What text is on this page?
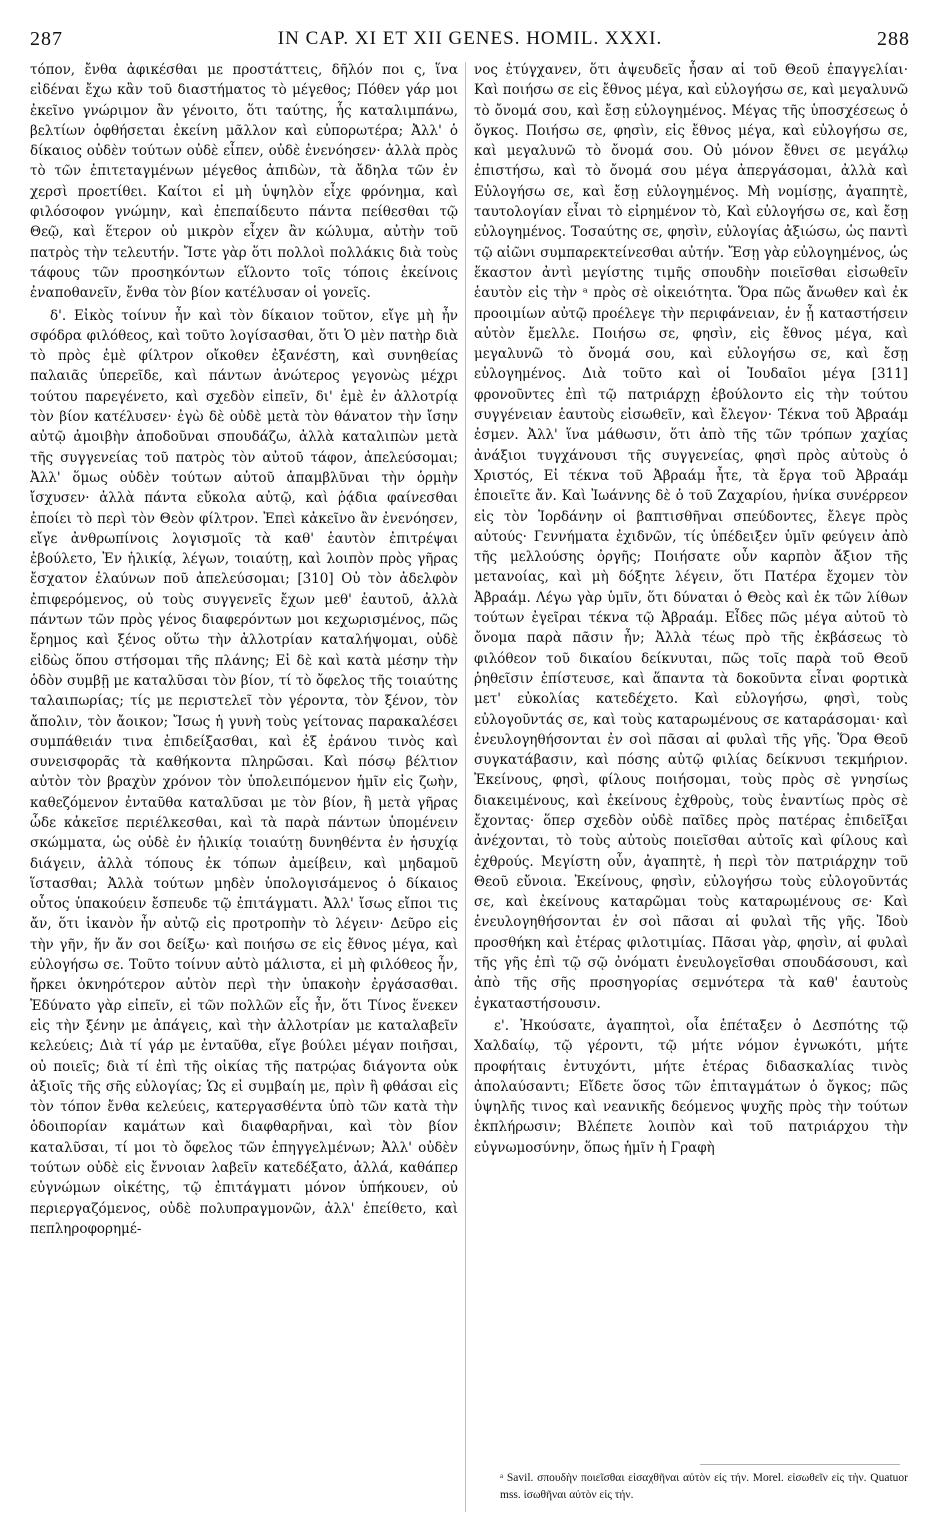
287	IN CAP. XI ET XII GENES. HOMIL. XXXI.	288

τόπον, ἔνθα ἀφικέσθαι με προστάττεις, δῆλόν ποι ς, ἵνα εἰδέναι ἔχω κἂν τοῦ διαστήματος τὸ μέγεθος; Πόθεν γάρ μοι ἐκεῖνο γνώριμον ἂν γένοιτο, ὅτι ταύτης, ἧς καταλιμπάνω, βελτίων ὀφθήσεται ἐκείνη μᾶλλον καὶ εὐπορωτέρα; Ἀλλ' ὁ δίκαιος οὐδὲν τούτων οὐδὲ εἶπεν, οὐδὲ ἐνενόησεν· ἀλλὰ πρὸς τὸ τῶν ἐπιτεταγμένων μέγεθος ἀπιδὼν, τὰ ἄδηλα τῶν ἐν χερσὶ προετίθει. Καίτοι εἰ μὴ ὑψηλὸν εἶχε φρόνημα, καὶ φιλόσοφον γνώμην, καὶ ἐπεπαίδευτο πάντα πείθεσθαι τῷ Θεῷ, καὶ ἕτερον οὐ μικρὸν εἶχεν ἂν κώλυμα, αὐτὴν τοῦ πατρὸς τὴν τελευτήν. Ἴστε γὰρ ὅτι πολλοὶ πολλάκις διὰ τοὺς τάφους τῶν προσηκόντων εἵλοντο τοῖς τόποις ἐκείνοις ἐναποθανεῖν, ἔνθα τὸν βίον κατέλυσαν οἱ γονεῖς.

δ'. Εἰκὸς τοίνυν ἦν καὶ τὸν δίκαιον τοῦτον, εἴγε μὴ ἦν σφόδρα φιλόθεος, καὶ τοῦτο λογίσασθαι, ὅτι Ὁ μὲν πατὴρ διὰ τὸ πρὸς ἐμὲ φίλτρον οἴκοθεν ἐξανέστη, καὶ συνηθείας παλαιᾶς ὑπερεῖδε, καὶ πάντων ἀνώτερος γεγονὼς μέχρι τούτου παρεγένετο, καὶ σχεδὸν εἰπεῖν, δι' ἐμὲ ἐν ἀλλοτρίᾳ τὸν βίον κατέλυσεν· ἐγὼ δὲ οὐδὲ μετὰ τὸν θάνατον τὴν ἴσην αὐτῷ ἀμοιβὴν ἀποδοῦναι σπουδάζω, ἀλλὰ καταλιπὼν μετὰ τῆς συγγενείας τοῦ πατρὸς τὸν αὐτοῦ τάφον, ἀπελεύσομαι; Ἀλλ' ὅμως οὐδὲν τούτων αὐτοῦ ἀπαμβλῦναι τὴν ὁρμὴν ἴσχυσεν· ἀλλὰ πάντα εὔκολα αὐτῷ, καὶ ῥᾴδια φαίνεσθαι ἐποίει τὸ περὶ τὸν Θεὸν φίλτρον. Ἐπεὶ κἀκεῖνο ἂν ἐνενόησεν, εἴγε ἀνθρωπίνοις λογισμοῖς τὰ καθ' ἑαυτὸν ἐπιτρέψαι ἐβούλετο, Ἐν ἡλικίᾳ, λέγων, τοιαύτῃ, καὶ λοιπὸν πρὸς γῆρας ἔσχατον ἐλαύνων ποῦ ἀπελεύσομαι; [310] Οὐ τὸν ἀδελφὸν ἐπιφερόμενος, οὐ τοὺς συγγενεῖς ἔχων μεθ' ἑαυτοῦ, ἀλλὰ πάντων τῶν πρὸς γένος διαφερόντων μοι κεχωρισμένος, πῶς ἔρημος καὶ ξένος οὕτω τὴν ἀλλοτρίαν καταλήψομαι, οὐδὲ εἰδὼς ὅπου στήσομαι τῆς πλάνης; Εἰ δὲ καὶ κατὰ μέσην τὴν ὁδὸν συμβῇ με καταλῦσαι τὸν βίον, τί τὸ ὄφελος τῆς τοιαύτης ταλαιπωρίας; τίς με περιστελεῖ τὸν γέροντα, τὸν ξένον, τὸν ἄπολιν, τὸν ἄοικον; Ἴσως ἡ γυνὴ τοὺς γείτονας παρακαλέσει συμπάθειάν τινα ἐπιδείξασθαι, καὶ ἐξ ἐράνου τινὸς καὶ συνεισφορᾶς τὰ καθήκοντα πληρῶσαι. Καὶ πόσῳ βέλτιον αὐτὸν τὸν βραχὺν χρόνον τὸν ὑπολειπόμενον ἡμῖν εἰς ζωὴν, καθεζόμενον ἐνταῦθα καταλῦσαι με τὸν βίον, ἢ μετὰ γῆρας ὧδε κἀκεῖσε περιέλκεσθαι, καὶ τὰ παρὰ πάντων ὑπομένειν σκώμματα, ὡς οὐδὲ ἐν ἡλικίᾳ τοιαύτῃ δυνηθέντα ἐν ἡσυχίᾳ διάγειν, ἀλλὰ τόπους ἐκ τόπων ἀμείβειν, καὶ μηδαμοῦ ἵστασθαι; Ἀλλὰ τούτων μηδὲν ὑπολογισάμενος ὁ δίκαιος οὗτος ὑπακούειν ἔσπευδε τῷ ἐπιτάγματι. Ἀλλ' ἴσως εἴποι τις ἄν, ὅτι ἱκανὸν ἦν αὐτῷ εἰς προτροπὴν τὸ λέγειν· Δεῦρο εἰς τὴν γῆν, ἥν ἄν σοι δείξω· καὶ ποιήσω σε εἰς ἔθνος μέγα, καὶ εὐλογήσω σε. Τοῦτο τοίνυν αὐτὸ μάλιστα, εἰ μὴ φιλόθεος ἦν, ἤρκει ὀκνηρότερον αὐτὸν περὶ τὴν ὑπακοὴν ἐργάσασθαι. Ἐδύνατο γὰρ εἰπεῖν, εἰ τῶν πολλῶν εἷς ἦν, ὅτι Τίνος ἕνεκεν εἰς τὴν ξένην με ἀπάγεις, καὶ τὴν ἀλλοτρίαν με καταλαβεῖν κελεύεις; Διὰ τί γάρ με ἐνταῦθα, εἴγε βούλει μέγαν ποιῆσαι, οὐ ποιεῖς; διὰ τί ἐπὶ τῆς οἰκίας τῆς πατρῴας διάγοντα οὐκ ἀξιοῖς τῆς σῆς εὐλογίας; Ὡς εἰ συμβαίη με, πρὶν ἢ φθάσαι εἰς τὸν τόπον ἔνθα κελεύεις, κατεργασθέντα ὑπὸ τῶν κατὰ τὴν ὁδοιπορίαν καμάτων καὶ διαφθαρῆναι, καὶ τὸν βίον καταλῦσαι, τί μοι τὸ ὄφελος τῶν ἐπηγγελμένων; Ἀλλ' οὐδὲν τούτων οὐδὲ εἰς ἔννοιαν λαβεῖν κατεδέξατο, ἀλλά, καθάπερ εὐγνώμων οἰκέτης, τῷ ἐπιτάγματι μόνον ὑπήκουεν, οὐ περιεργαζόμενος, οὐδὲ πολυπραγμονῶν, ἀλλ' ἐπείθετο, καὶ πεπληροφορημέ-

νος ἐτύγχανεν, ὅτι ἀψευδεῖς ἦσαν αἱ τοῦ Θεοῦ ἐπαγγελίαι· Καὶ ποιήσω σε εἰς ἔθνος μέγα, καὶ εὐλογήσω σε, καὶ μεγαλυνῶ τὸ ὄνομά σου, καὶ ἔσῃ εὐλογημένος. Μέγας τῆς ὑποσχέσεως ὁ ὄγκος. Ποιήσω σε, φησὶν, εἰς ἔθνος μέγα, καὶ εὐλογήσω σε, καὶ μεγαλυνῶ τὸ ὄνομά σου. Οὐ μόνον ἔθνει σε μεγάλῳ ἐπιστήσω, καὶ τὸ ὄνομά σου μέγα ἀπεργάσομαι, ἀλλὰ καὶ Εὐλογήσω σε, καὶ ἔσῃ εὐλογημένος. Μὴ νομίσῃς, ἀγαπητὲ, ταυτολογίαν εἶναι τὸ εἰρημένον τὸ, Καὶ εὐλογήσω σε, καὶ ἔσῃ εὐλογημένος. Τοσαύτης σε, φησὶν, εὐλογίας ἀξιώσω, ὡς παντὶ τῷ αἰῶνι συμπαρεκτείνεσθαι αὐτήν. Ἔσῃ γὰρ εὐλογημένος, ὡς ἕκαστον ἀντὶ μεγίστης τιμῆς σπουδὴν ποιεῖσθαι εἰσωθεῖν ἑαυτὸν εἰς τὴν ᵃ πρὸς σὲ οἰκειότητα. Ὅρα πῶς ἄνωθεν καὶ ἐκ προοιμίων αὐτῷ προέλεγε τὴν περιφάνειαν, ἐν ᾗ καταστήσειν αὐτὸν ἔμελλε. Ποιήσω σε, φησὶν, εἰς ἔθνος μέγα, καὶ μεγαλυνῶ τὸ ὄνομά σου, καὶ εὐλογήσω σε, καὶ ἔσῃ εὐλογημένος. Διὰ τοῦτο καὶ οἱ Ἰουδαῖοι μέγα [311] φρονοῦντες ἐπὶ τῷ πατριάρχῃ ἐβούλοντο εἰς τὴν τούτου συγγένειαν ἑαυτοὺς εἰσωθεῖν, καὶ ἔλεγον· Τέκνα τοῦ Ἀβραάμ ἐσμεν. Ἀλλ' ἵνα μάθωσιν, ὅτι ἀπὸ τῆς τῶν τρόπων χαχίας ἀνάξιοι τυγχάνουσι τῆς συγγενείας, φησὶ πρὸς αὐτοὺς ὁ Χριστός, Εἰ τέκνα τοῦ Ἀβραάμ ἦτε, τὰ ἔργα τοῦ Ἀβραάμ ἐποιεῖτε ἄν. Καὶ Ἰωάννης δὲ ὁ τοῦ Ζαχαρίου, ἡνίκα συνέρρεον εἰς τὸν Ἰορδάνην οἱ βαπτισθῆναι σπεύδοντες, ἔλεγε πρὸς αὐτούς· Γεννήματα ἐχιδνῶν, τίς ὑπέδειξεν ὑμῖν φεύγειν ἀπὸ τῆς μελλούσης ὀργῆς; Ποιήσατε οὖν καρπὸν ἄξιον τῆς μετανοίας, καὶ μὴ δόξητε λέγειν, ὅτι Πατέρα ἔχομεν τὸν Ἀβραάμ. Λέγω γὰρ ὑμῖν, ὅτι δύναται ὁ Θεὸς καὶ ἐκ τῶν λίθων τούτων ἐγεῖραι τέκνα τῷ Ἀβραάμ. Εἶδες πῶς μέγα αὐτοῦ τὸ ὄνομα παρὰ πᾶσιν ἦν; Ἀλλὰ τέως πρὸ τῆς ἐκβάσεως τὸ φιλόθεον τοῦ δικαίου δείκνυται, πῶς τοῖς παρὰ τοῦ Θεοῦ ῥηθεῖσιν ἐπίστευσε, καὶ ἅπαντα τὰ δοκοῦντα εἶναι φορτικὰ μετ' εὐκολίας κατεδέχετο. Καὶ εὐλογήσω, φησὶ, τοὺς εὐλογοῦντάς σε, καὶ τοὺς καταρωμένους σε καταράσομαι· καὶ ἐνευλογηθήσονται ἐν σοὶ πᾶσαι αἱ φυλαὶ τῆς γῆς. Ὅρα Θεοῦ συγκατάβασιν, καὶ πόσης αὐτῷ φιλίας δείκνυσι τεκμήριον. Ἐκείνους, φησὶ, φίλους ποιήσομαι, τοὺς πρὸς σὲ γνησίως διακειμένους, καὶ ἐκείνους ἐχθροὺς, τοὺς ἐναντίως πρὸς σὲ ἔχοντας· ὅπερ σχεδὸν οὐδὲ παῖδες πρὸς πατέρας ἐπιδεῖξαι ἀνέχονται, τὸ τοὺς αὐτοὺς ποιεῖσθαι αὐτοῖς καὶ φίλους καὶ ἐχθρούς. Μεγίστη οὖν, ἀγαπητὲ, ἡ περὶ τὸν πατριάρχην τοῦ Θεοῦ εὔνοια. Ἐκείνους, φησὶν, εὐλογήσω τοὺς εὐλογοῦντάς σε, καὶ ἐκείνους καταρῶμαι τοὺς καταρωμένους σε· Καὶ ἐνευλογηθήσονται ἐν σοὶ πᾶσαι αἱ φυλαὶ τῆς γῆς. Ἰδοὺ προσθήκη καὶ ἑτέρας φιλοτιμίας. Πᾶσαι γὰρ, φησὶν, αἱ φυλαὶ τῆς γῆς ἐπὶ τῷ σῷ ὀνόματι ἐνευλογεῖσθαι σπουδάσουσι, καὶ ἀπὸ τῆς σῆς προσηγορίας σεμνότερα τὰ καθ' ἑαυτοὺς ἐγκαταστήσουσιν.

ε'. Ἠκούσατε, ἀγαπητοὶ, οἷα ἐπέταξεν ὁ Δεσπότης τῷ Χαλδαίῳ, τῷ γέροντι, τῷ μήτε νόμον ἐγνωκότι, μήτε προφήταις ἐντυχόντι, μήτε ἑτέρας διδασκαλίας τινὸς ἀπολαύσαντι; Εἴδετε ὅσος τῶν ἐπιταγμάτων ὁ ὄγκος; πῶς ὑψηλῆς τινος καὶ νεανικῆς δεόμενος ψυχῆς πρὸς τὴν τούτων ἐκπλήρωσιν; Βλέπετε λοιπὸν καὶ τοῦ πατριάρχου τὴν εὐγνωμοσύνην, ὅπως ἡμῖν ἡ Γραφὴ

ᵃ Savil. σπουδὴν ποιεῖσθαι εἰσαχθῆναι αὐτὸν εἰς τήν. Morel. εἰσωθεῖν εἰς τὴν. Quatuor mss. ἰσωθῆναι αὐτὸν εἰς τήν.
